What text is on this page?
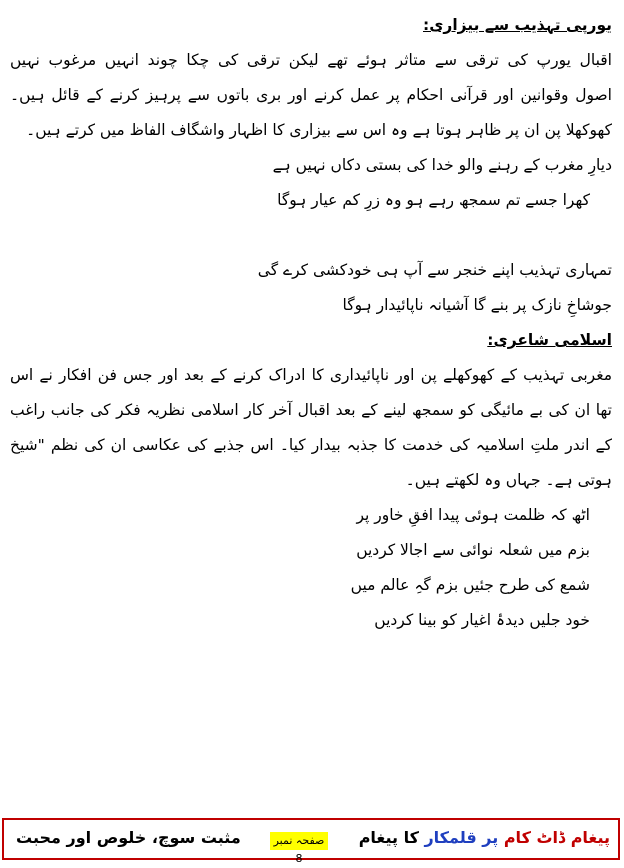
یورپی تہذیب سے بیزاری:
اقبال یورپ کی ترقی سے متاثر ہوئے تھے لیکن ترقی کی چکا چوند انہیں مرغوب نہیں
اصول وقوانین اور قرآنی احکام پر عمل کرنے اور بری باتوں سے پرہیز کرنے کے قائل ہیں۔
کھوکھلا پن ان پر ظاہر ہوتا ہے وہ اس سے بیزاری کا اظہار واشگاف الفاظ میں کرتے ہیں۔
دیارِ مغرب کے رہنے والو خدا کی بستی دکاں نہیں ہے
کھرا جسے تم سمجھ رہے ہو وہ زرِ کم عیار ہوگا
تمہاری تہذیب اپنے خنجر سے آپ ہی خودکشی کرے گی
جوشاخِ نازک پر بنے گا آشیانہ ناپائیدار ہوگا
اسلامی شاعری:
مغربی تہذیب کے کھوکھلے پن اور ناپائیداری کا ادراک کرنے کے بعد اور جس فن افکار نے اس
تھا ان کی بے مائیگی کو سمجھ لینے کے بعد اقبال آخر کار اسلامی نظریہ فکر کی جانب راغب
کے اندر ملتِ اسلامیہ کی خدمت کا جذبہ بیدار کیا۔ اس جذبے کی عکاسی ان کی نظم "شیخ
ہوتی ہے۔ جہاں وہ لکھتے ہیں۔
اٹھ کہ ظلمت ہوئی پیدا افقِ خاور پر
بزم میں شعلہ نوائی سے اجالا کردیں
شمع کی طرح جئیں بزم گہِ عالم میں
خود جلیں دیدۂ اغیار کو بینا کردیں
پیغام ڈاٹ کام پر قلمکار کا پیغام
صفحہ نمبر 8
مثبت سوچ، خلوص اور محبت
